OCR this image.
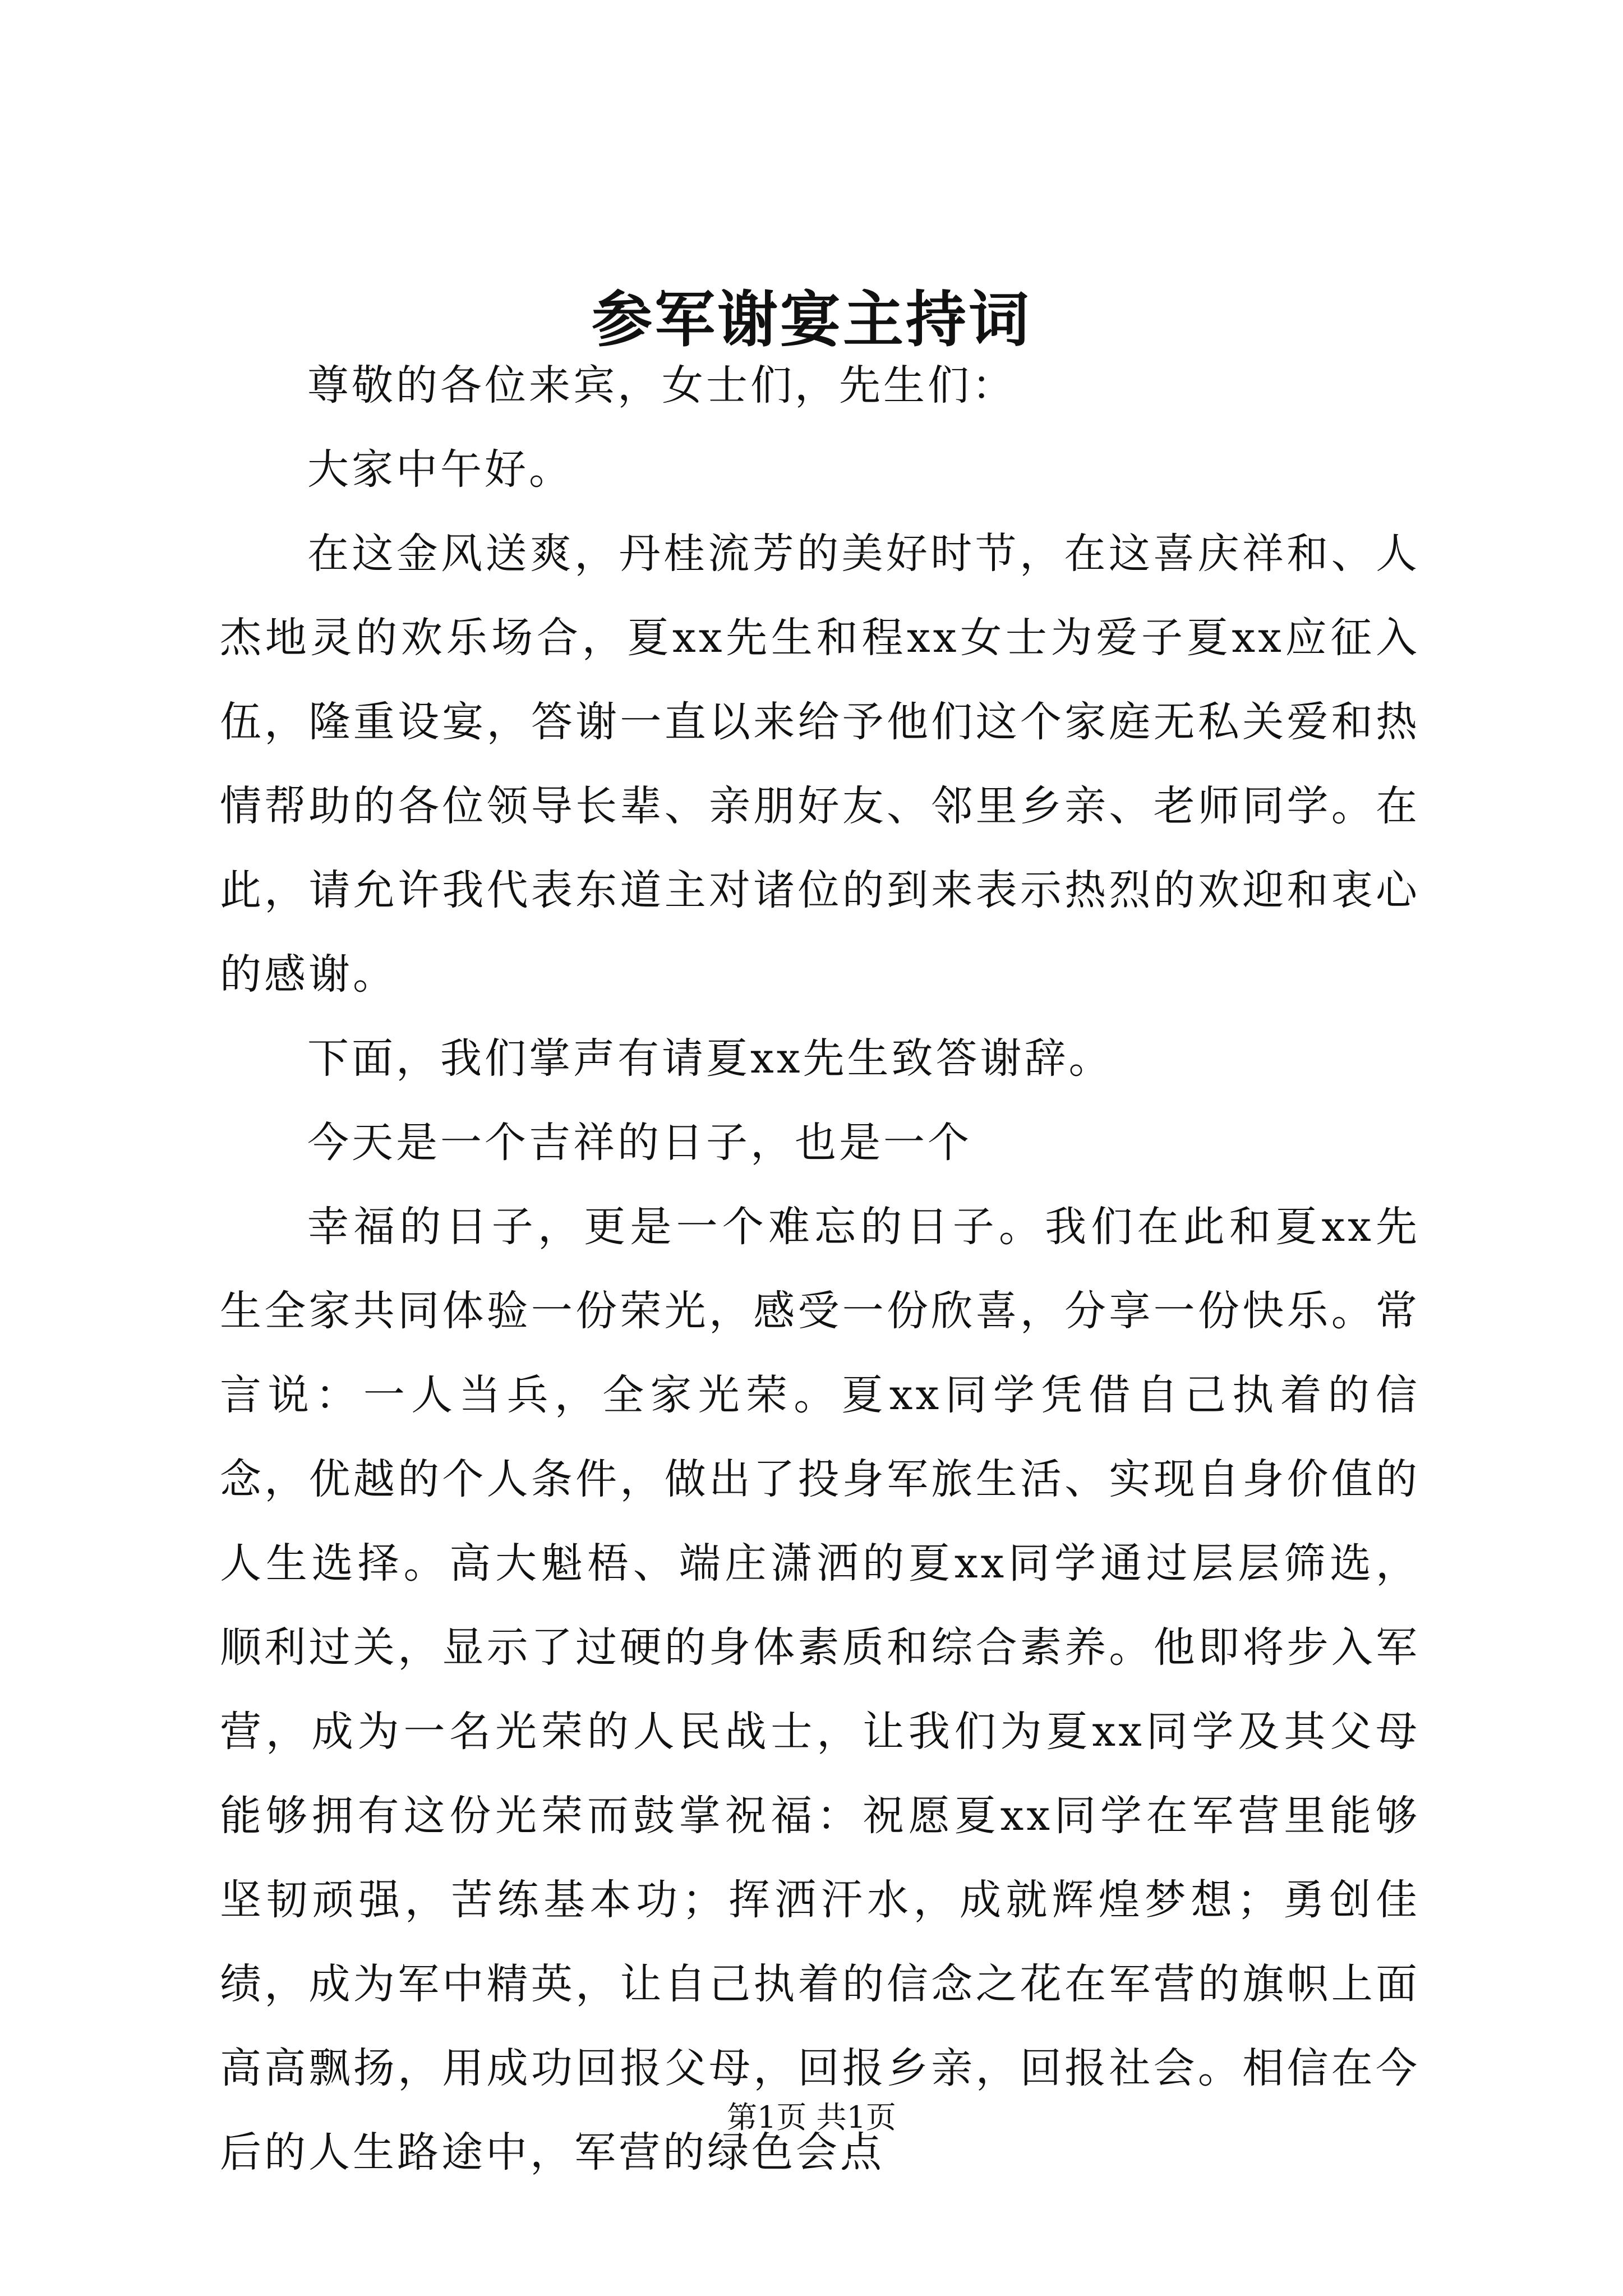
参军谢宴主持词

尊敬的各位来宾，女士们，先生们：

大家中午好。

在这金风送爽，丹桂流芳的美好时节，在这喜庆祥和、人杰地灵的欢乐场合，夏xx先生和程xx女士为爱子夏xx应征入伍，隆重设宴，答谢一直以来给予他们这个家庭无私关爱和热情帮助的各位领导长辈、亲朋好友、邻里乡亲、老师同学。在此，请允许我代表东道主对诸位的到来表示热烈的欢迎和衷心的感谢。

下面，我们掌声有请夏xx先生致答谢辞。

今天是一个吉祥的日子，也是一个

幸福的日子，更是一个难忘的日子。我们在此和夏xx先生全家共同体验一份荣光，感受一份欣喜，分享一份快乐。常言说：一人当兵，全家光荣。夏xx同学凭借自己执着的信念，优越的个人条件，做出了投身军旅生活、实现自身价值的人生选择。高大魁梧、端庄潇洒的夏xx同学通过层层筛选，顺利过关，显示了过硬的身体素质和综合素养。他即将步入军营，成为一名光荣的人民战士，让我们为夏xx同学及其父母能够拥有这份光荣而鼓掌祝福：祝愿夏xx同学在军营里能够坚韧顽强，苦练基本功；挥洒汗水，成就辉煌梦想；勇创佳绩，成为军中精英，让自己执着的信念之花在军营的旗帜上面高高飘扬，用成功回报父母，回报乡亲，回报社会。相信在今后的人生路途中，军营的绿色会点

第1页 共1页
